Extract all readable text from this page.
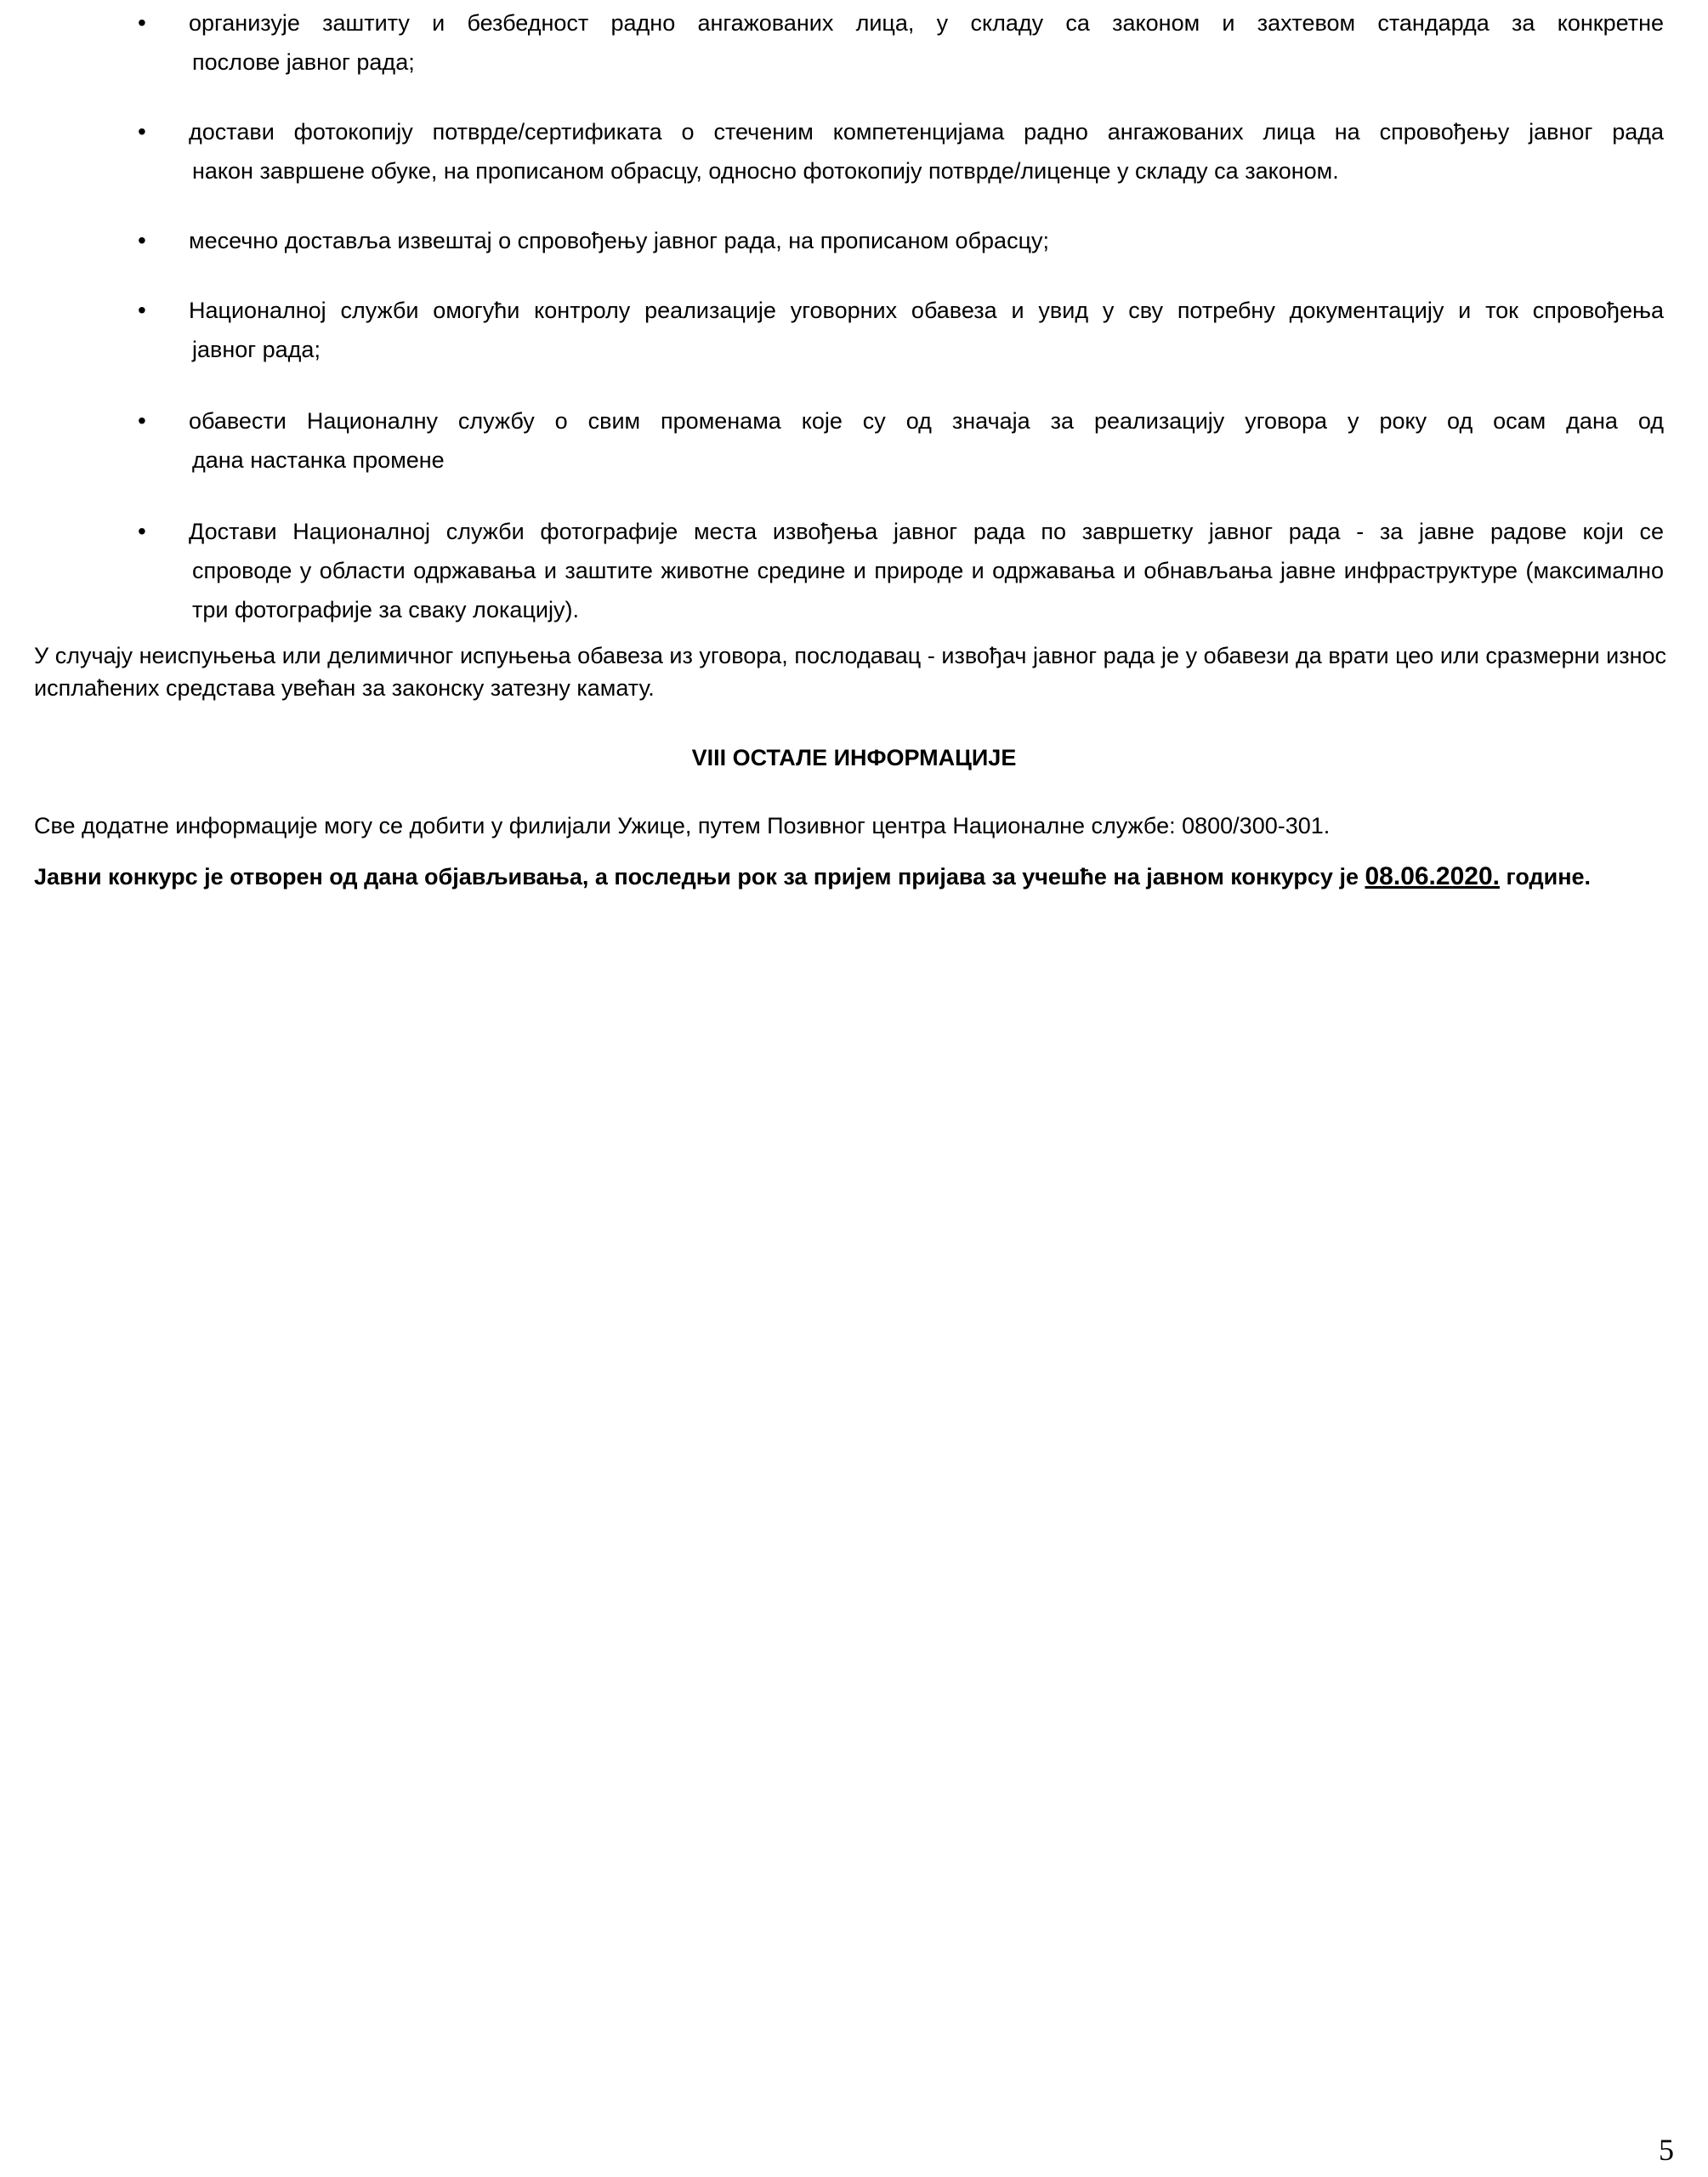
• организује заштиту и безбедност радно ангажованих лица, у складу са законом и захтевом стандарда за конкретне
послове јавног рада;
• достави фотокопију потврде/сертификата о стеченим компетенцијама радно ангажованих лица на спровођењу јавног рада
након завршене обуке, на прописаном обрасцу, односно фотокопију потврде/лиценце у складу са законом.
• месечно доставља извештај о спровођењу јавног рада, на прописаном обрасцу;
• Националној служби омогући контролу реализације уговорних обавеза и увид у сву потребну документацију и ток спровођења
јавног рада;
• обавести Националну службу о свим променама које су од значаја за реализацију уговора у року од осам дана од
дана настанка промене
• Достави Националној служби фотографије места извођења јавног рада по завршетку јавног рада - за јавне радове који се
спроводе у области одржавања и заштите животне средине и природе и одржавања и обнављања јавне инфраструктуре (максимално три фотографије за сваку локацију).

У случају неиспуњења или делимичног испуњења обавеза из уговора, послодавац - извођач јавног рада је у обавези да врати цео или сразмерни износ исплаћених средстава увећан за законску затезну камату.

VIII ОСТАЛЕ ИНФОРМАЦИЈЕ

Све додатне информације могу се добити у филијали Ужице, путем Позивног центра Националне службе: 0800/300-301.

Јавни конкурс је отворен од дана објављивања, а последњи рок за пријем пријава за учешће на јавном конкурсу је 08.06.2020. године.

5
